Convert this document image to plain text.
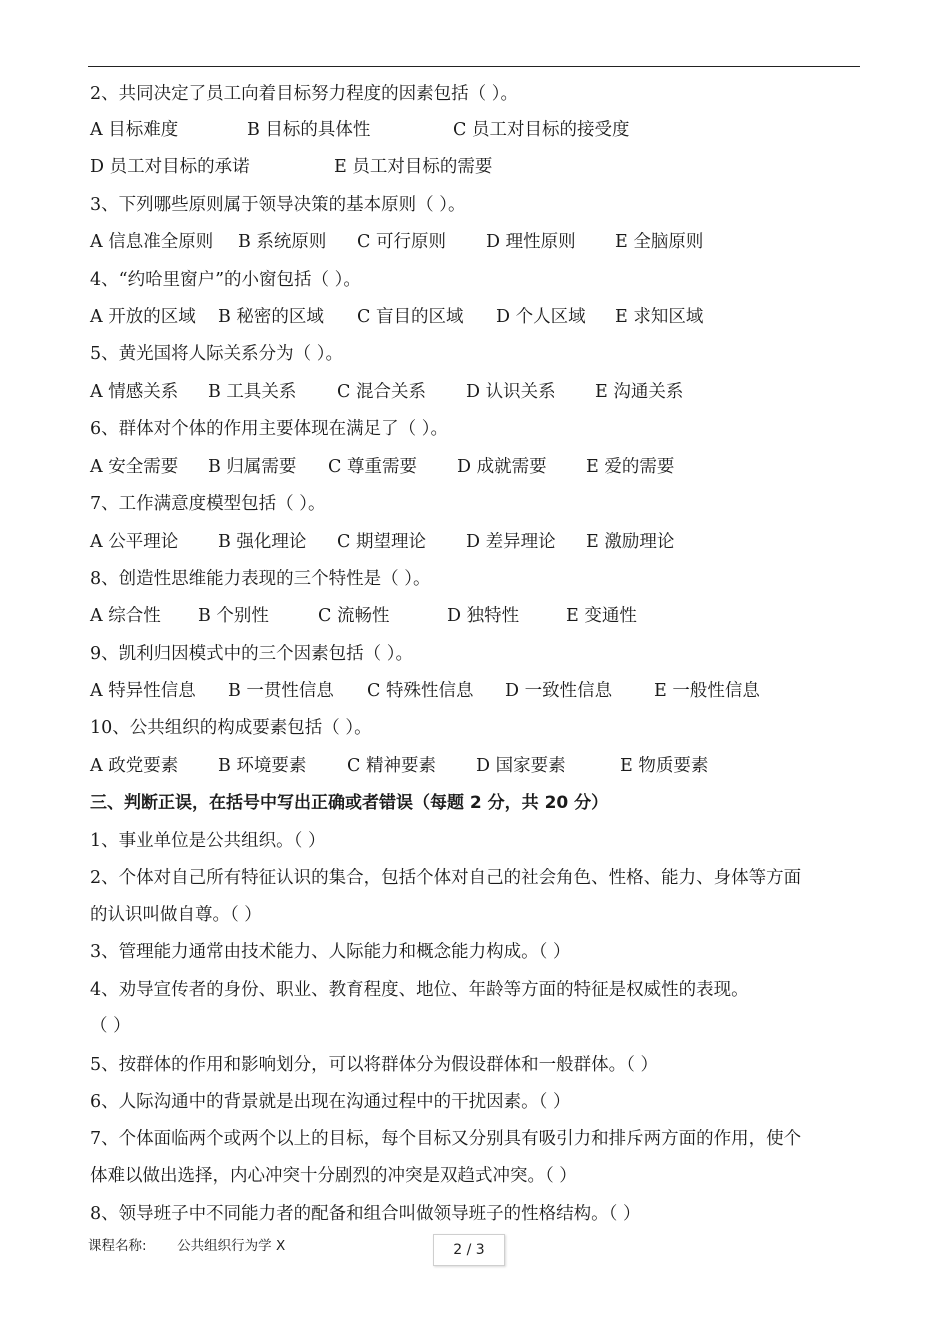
2、共同决定了员工向着目标努力程度的因素包括（ ）。
A 目标难度	B 目标的具体性	C 员工对目标的接受度
D 员工对目标的承诺	E 员工对目标的需要
3、下列哪些原则属于领导决策的基本原则（ ）。
A 信息准全原则 B 系统原则 C 可行原则 D 理性原则 E 全脑原则
4、“约哈里窗户”的小窗包括（ ）。
A 开放的区域 B 秘密的区域 C 盲目的区域 D 个人区域 E 求知区域
5、黄光国将人际关系分为（ ）。
A 情感关系 B 工具关系 C 混合关系 D 认识关系 E 沟通关系
6、群体对个体的作用主要体现在满足了（ ）。
A 安全需要 B 归属需要 C 尊重需要 D 成就需要 E 爱的需要
7、工作满意度模型包括（ ）。
A 公平理论 B 强化理论 C 期望理论 D 差异理论 E 激励理论
8、创造性思维能力表现的三个特性是（ ）。
A 综合性 B 个别性	C 流畅性	D 独特性	E 变通性
9、凯利归因模式中的三个因素包括（ ）。
A 特异性信息 B 一贯性信息 C 特殊性信息 D 一致性信息 E 一般性信息
10、公共组织的构成要素包括（ ）。
A 政党要素 B 环境要素 C 精神要素 D 国家要素	E 物质要素
三、判断正误，在括号中写出正确或者错误（每题 2 分，共 20 分）
1、事业单位是公共组织。（ ）
2、个体对自己所有特征认识的集合，包括个体对自己的社会角色、性格、能力、身体等方面
的认识叫做自尊。（ ）
3、管理能力通常由技术能力、人际能力和概念能力构成。（ ）
4、劝导宣传者的身份、职业、教育程度、地位、年龄等方面的特征是权威性的表现。
（ ）
5、按群体的作用和影响划分，可以将群体分为假设群体和一般群体。（ ）
6、人际沟通中的背景就是出现在沟通过程中的干扰因素。（ ）
7、个体面临两个或两个以上的目标，每个目标又分别具有吸引力和排斥两方面的作用，使个
体难以做出选择，内心冲突十分剧烈的冲突是双趋式冲突。（ ）
8、领导班子中不同能力者的配备和组合叫做领导班子的性格结构。（ ）
课程名称: 公共组织行为学 X	2 / 3
